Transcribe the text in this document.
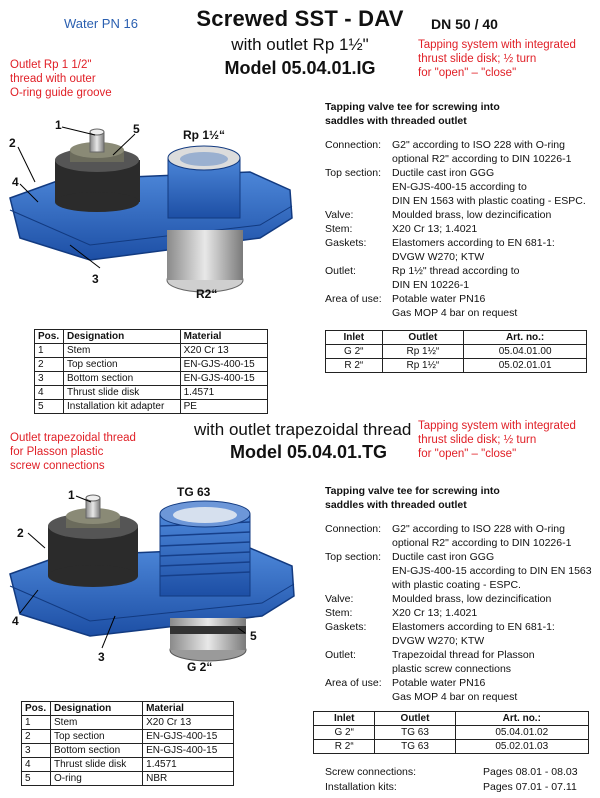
Water PN 16	Screwed SST - DAV
with outlet Rp 1½"
Model 05.04.01.IG
DN 50 / 40
Outlet Rp 1 1/2"
thread with outer
O-ring guide groove
Tapping system with integrated
thrust slide disk; ½ turn
for "open" – "close"
1	5
2
4
3
Rp 1½“
R2“
Tapping valve tee for screwing into
saddles with threaded outlet
Connection:	G2" according to ISO 228 with O-ring
optional R2" according to DIN 10226-1
Top section:	Ductile cast iron GGG
EN-GJS-400-15 according to
DIN EN 1563 with plastic coating - ESPC.
Valve:	Moulded brass, low dezincification
Stem:	X20 Cr 13; 1.4021
Gaskets:	Elastomers according to EN 681-1:
DVGW W270; KTW
Outlet:	Rp 1½" thread according to
DIN EN 10226-1
Area of use: Potable water PN16
Gas MOP 4 bar on request
Pos.	Designation	Material
1	Stem	X20 Cr 13
2	Top section	EN-GJS-400-15
3	Bottom section	EN-GJS-400-15
4	Thrust slide disk	1.4571
5	Installation kit adapter	PE
Inlet	Outlet	Art. no.:
G 2“	Rp 1½“	05.04.01.00
R 2“	Rp 1½“	05.02.01.01
Outlet trapezoidal thread
for Plasson plastic
screw connections
with outlet trapezoidal thread
Model 05.04.01.TG
Tapping system with integrated
thrust slide disk; ½ turn
for "open" – "close"
1
2
4
3
5
TG 63
G 2“
Tapping valve tee for screwing into
saddles with threaded outlet
Connection:	G2" according to ISO 228 with O-ring
optional R2" according to DIN 10226-1
Top section:	Ductile cast iron GGG
EN-GJS-400-15 according to DIN EN 1563
with plastic coating - ESPC.
Valve:	Moulded brass, low dezincification
Stem:	X20 Cr 13; 1.4021
Gaskets:	Elastomers according to EN 681-1:
DVGW W270; KTW
Outlet:	Trapezoidal thread for Plasson
plastic screw connections
Area of use: Potable water PN16
Gas MOP 4 bar on request
Pos.	Designation	Material
1	Stem	X20 Cr 13
2	Top section	EN-GJS-400-15
3	Bottom section	EN-GJS-400-15
4	Thrust slide disk	1.4571
5	O-ring	NBR
Inlet	Outlet	Art. no.:
G 2“	TG 63	05.04.01.02
R 2“	TG 63	05.02.01.03
Screw connections:	Pages 08.01 - 08.03
Installation kits:	Pages 07.01 - 07.11
